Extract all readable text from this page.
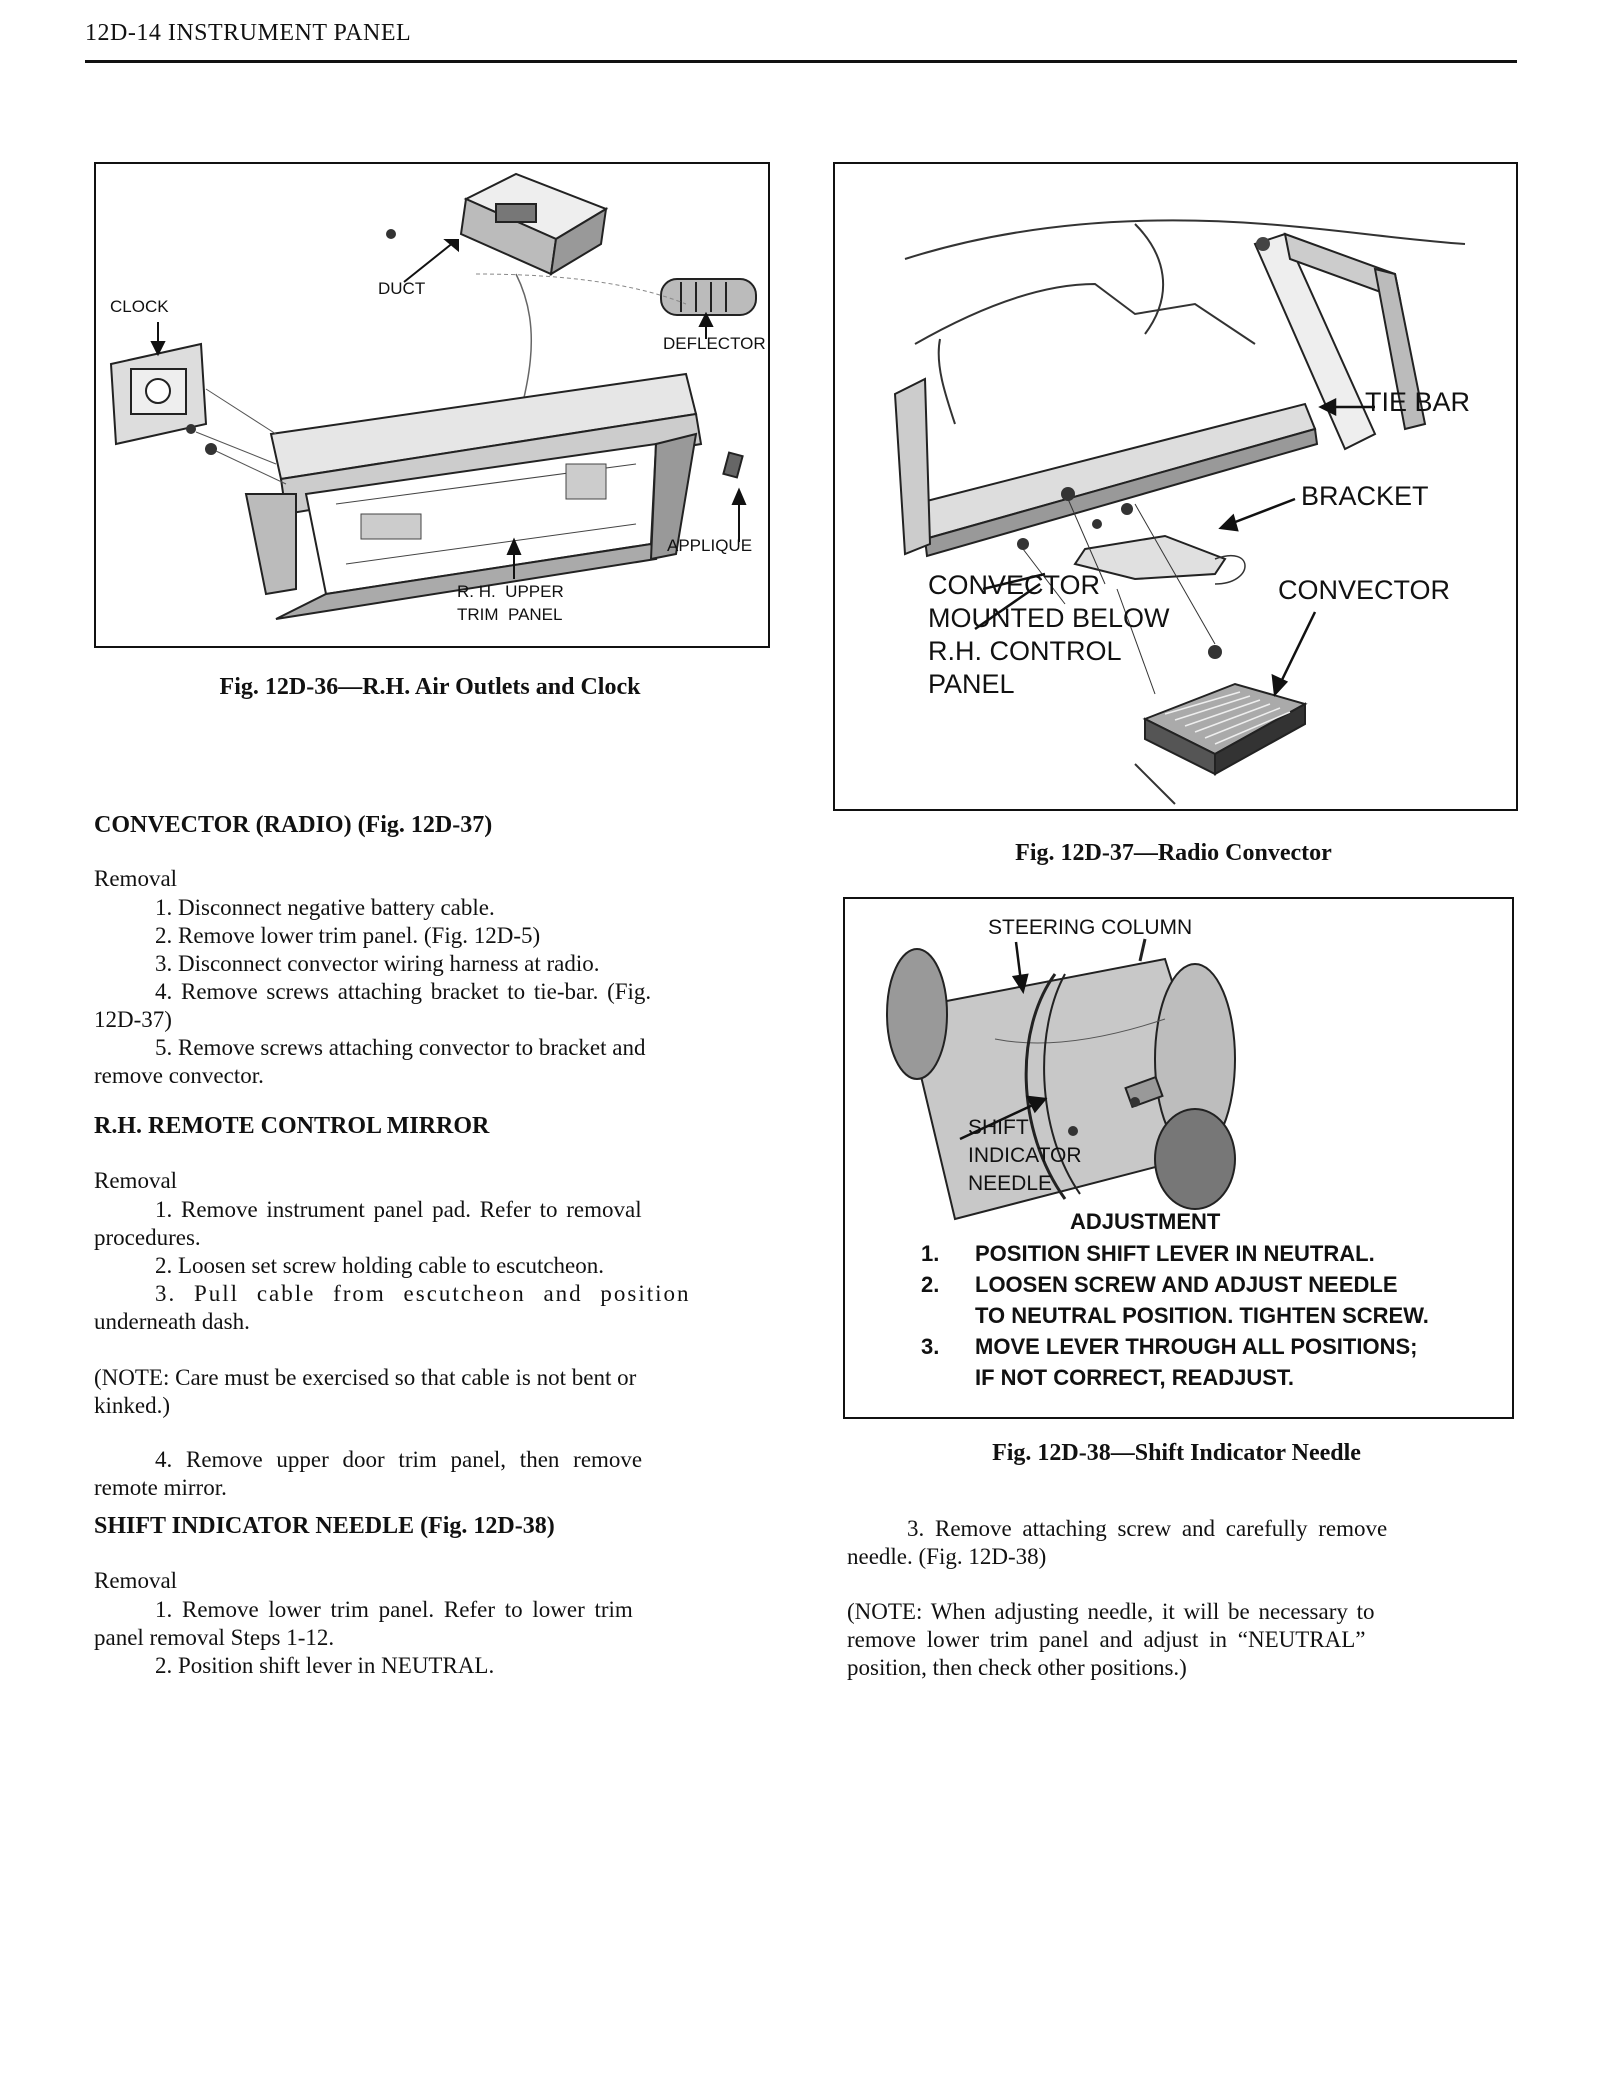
12D-14 INSTRUMENT PANEL
CLOCK
DUCT
DEFLECTOR
APPLIQUE
R. H.  UPPER
TRIM  PANEL
Fig. 12D-36—R.H. Air Outlets and Clock
TIE BAR
BRACKET
CONVECTOR
MOUNTED BELOW
R.H. CONTROL
PANEL
CONVECTOR
Fig. 12D-37—Radio Convector
STEERING COLUMN
SHIFT
INDICATOR
NEEDLE
ADJUSTMENT
1. POSITION SHIFT LEVER IN NEUTRAL.
2. LOOSEN SCREW AND ADJUST NEEDLE
TO NEUTRAL POSITION. TIGHTEN SCREW.
3. MOVE LEVER THROUGH ALL POSITIONS;
IF NOT CORRECT, READJUST.
Fig. 12D-38—Shift Indicator Needle
CONVECTOR (RADIO) (Fig. 12D-37)
Removal
1. Disconnect negative battery cable.
2. Remove lower trim panel. (Fig. 12D-5)
3. Disconnect convector wiring harness at radio.
4. Remove screws attaching bracket to tie-bar. (Fig.
12D-37)
5. Remove screws attaching convector to bracket and
remove convector.
R.H. REMOTE CONTROL MIRROR
Removal
1. Remove instrument panel pad. Refer to removal
procedures.
2. Loosen set screw holding cable to escutcheon.
3. Pull cable from escutcheon and position
underneath dash.
(NOTE: Care must be exercised so that cable is not bent or
kinked.)
4. Remove upper door trim panel, then remove
remote mirror.
SHIFT INDICATOR NEEDLE (Fig. 12D-38)
Removal
1. Remove lower trim panel. Refer to lower trim
panel removal Steps 1-12.
2. Position shift lever in NEUTRAL.
3. Remove attaching screw and carefully remove
needle. (Fig. 12D-38)
(NOTE: When adjusting needle, it will be necessary to
remove lower trim panel and adjust in “NEUTRAL”
position, then check other positions.)
